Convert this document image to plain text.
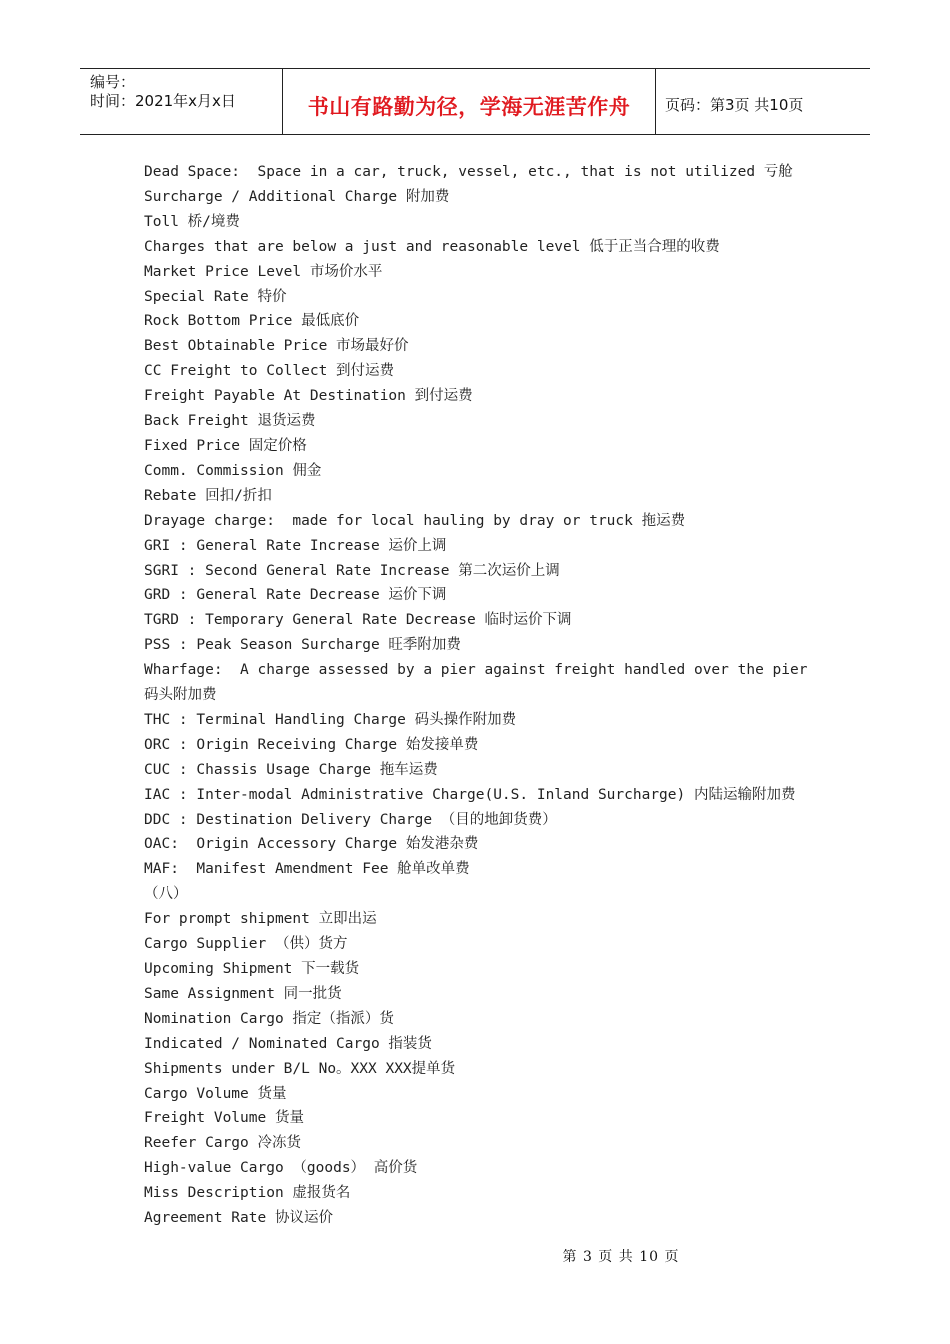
编号：
时间：2021年x月x日	书山有路勤为径，学海无涯苦作舟	页码：第3页 共10页
Dead Space:  Space in a car, truck, vessel, etc., that is not utilized 亏舱
Surcharge / Additional Charge 附加费
Toll 桥/境费
Charges that are below a just and reasonable level 低于正当合理的收费
Market Price Level 市场价水平
Special Rate 特价
Rock Bottom Price 最低底价
Best Obtainable Price 市场最好价
CC Freight to Collect 到付运费
Freight Payable At Destination 到付运费
Back Freight 退货运费
Fixed Price 固定价格
Comm. Commission 佣金
Rebate 回扣/折扣
Drayage charge:  made for local hauling by dray or truck 拖运费
GRI : General Rate Increase 运价上调
SGRI : Second General Rate Increase 第二次运价上调
GRD : General Rate Decrease 运价下调
TGRD : Temporary General Rate Decrease 临时运价下调
PSS : Peak Season Surcharge 旺季附加费
Wharfage:  A charge assessed by a pier against freight handled over the pier 码头附加费
THC : Terminal Handling Charge 码头操作附加费
ORC : Origin Receiving Charge 始发接单费
CUC : Chassis Usage Charge 拖车运费
IAC : Inter-modal Administrative Charge(U.S. Inland Surcharge) 内陆运输附加费
DDC : Destination Delivery Charge （目的地卸货费）
OAC:  Origin Accessory Charge 始发港杂费
MAF:  Manifest Amendment Fee 舱单改单费
（八）
For prompt shipment 立即出运
Cargo Supplier （供）货方
Upcoming Shipment 下一载货
Same Assignment 同一批货
Nomination Cargo 指定（指派）货
Indicated / Nominated Cargo 指装货
Shipments under B/L No。XXX XXX提单货
Cargo Volume 货量
Freight Volume 货量
Reefer Cargo 冷冻货
High-value Cargo （goods） 高价货
Miss Description 虚报货名
Agreement Rate 协议运价
第 3 页 共 10 页
